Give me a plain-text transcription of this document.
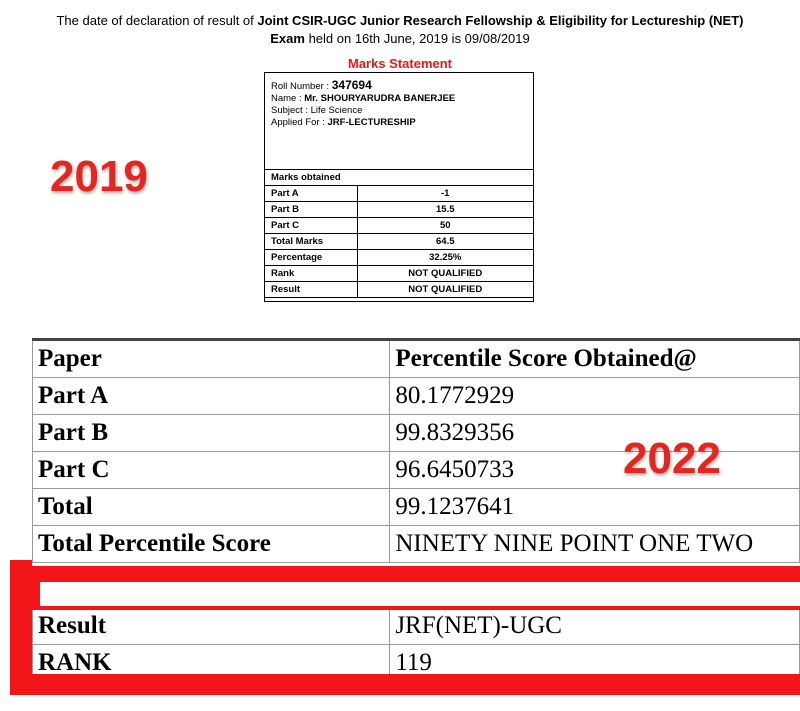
The date of declaration of result of Joint CSIR-UGC Junior Research Fellowship & Eligibility for Lectureship (NET)
Exam held on 16th June, 2019 is 09/08/2019
Marks Statement
2019
Roll Number : 347694
Name : Mr. SHOURYARUDRA BANERJEE
Subject : Life Science
Applied For : JRF-LECTURESHIP
Marks obtained
Part A	-1
Part B	15.5
Part C	50
Total Marks	64.5
Percentage	32.25%
Rank	NOT QUALIFIED
Result	NOT QUALIFIED
Paper	Percentile Score Obtained@
Part A	80.1772929
Part B	99.8329356
Part C	96.6450733
Total	99.1237641
Total Percentile Score	NINETY NINE POINT ONE TWO

Result	JRF(NET)-UGC
RANK	119
2022
